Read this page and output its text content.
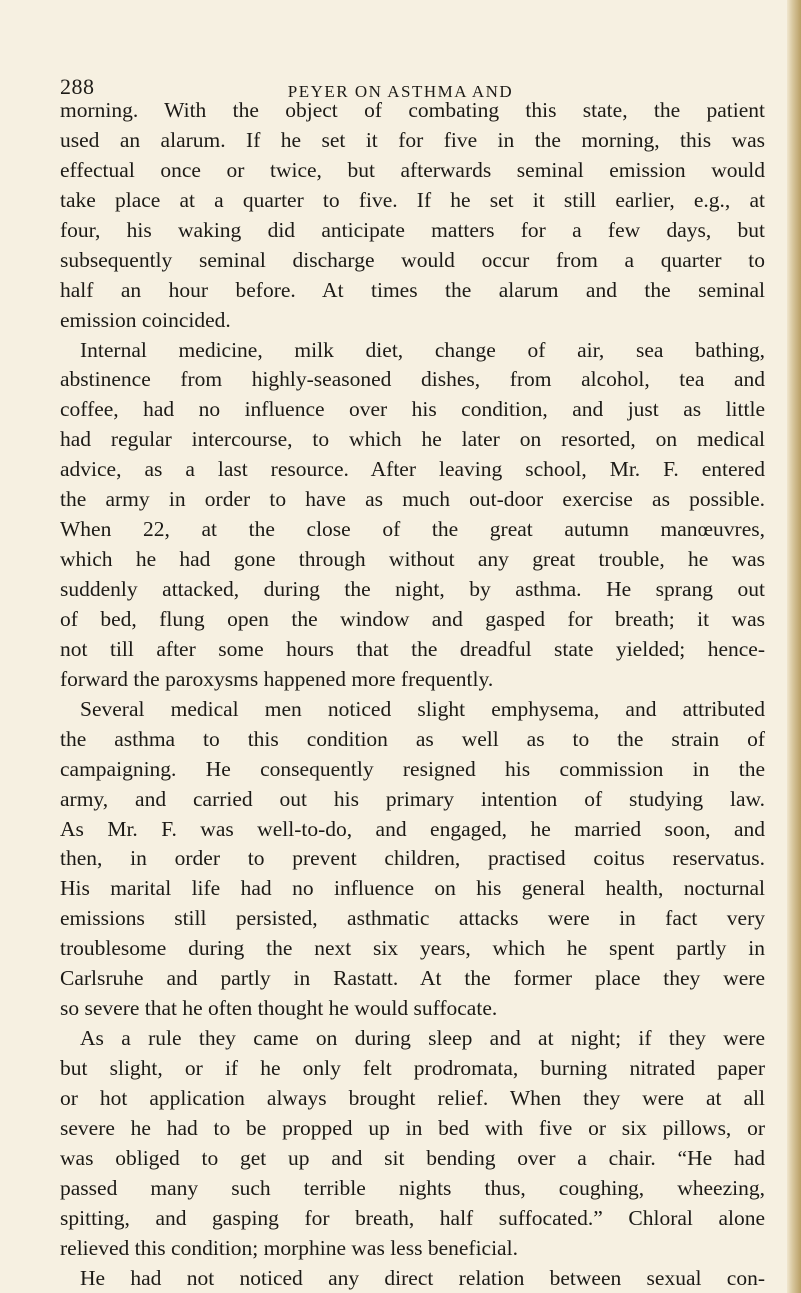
288	PEYER ON ASTHMA AND
morning. With the object of combating this state, the patient
used an alarum. If he set it for five in the morning, this was
effectual once or twice, but afterwards seminal emission would
take place at a quarter to five. If he set it still earlier, e.g., at
four, his waking did anticipate matters for a few days, but
subsequently seminal discharge would occur from a quarter to
half an hour before. At times the alarum and the seminal
emission coincided.
Internal medicine, milk diet, change of air, sea bathing,
abstinence from highly-seasoned dishes, from alcohol, tea and
coffee, had no influence over his condition, and just as little
had regular intercourse, to which he later on resorted, on medical
advice, as a last resource. After leaving school, Mr. F. entered
the army in order to have as much out-door exercise as possible.
When 22, at the close of the great autumn manœuvres,
which he had gone through without any great trouble, he was
suddenly attacked, during the night, by asthma. He sprang out
of bed, flung open the window and gasped for breath; it was
not till after some hours that the dreadful state yielded; hence-
forward the paroxysms happened more frequently.
Several medical men noticed slight emphysema, and attributed
the asthma to this condition as well as to the strain of
campaigning. He consequently resigned his commission in the
army, and carried out his primary intention of studying law.
As Mr. F. was well-to-do, and engaged, he married soon, and
then, in order to prevent children, practised coitus reservatus.
His marital life had no influence on his general health, nocturnal
emissions still persisted, asthmatic attacks were in fact very
troublesome during the next six years, which he spent partly in
Carlsruhe and partly in Rastatt. At the former place they were
so severe that he often thought he would suffocate.
As a rule they came on during sleep and at night; if they were
but slight, or if he only felt prodromata, burning nitrated paper
or hot application always brought relief. When they were at all
severe he had to be propped up in bed with five or six pillows, or
was obliged to get up and sit bending over a chair. “He had
passed many such terrible nights thus, coughing, wheezing,
spitting, and gasping for breath, half suffocated.” Chloral alone
relieved this condition; morphine was less beneficial.
He had not noticed any direct relation between sexual con-
